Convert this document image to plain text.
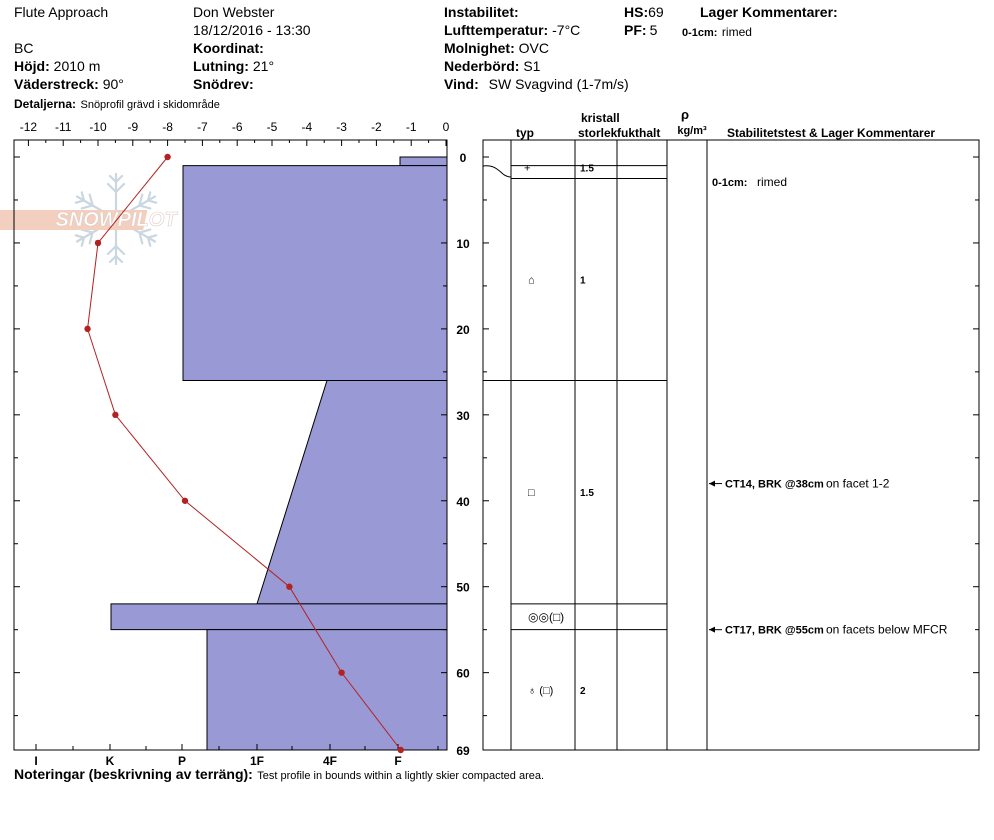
Flute Approach
BC
Höjd: 2010 m
Väderstreck: 90°
Detaljerna: Snöprofil grävd i skidområde
Don Webster
18/12/2016 - 13:30
Koordinat:
Lutning: 21°
Snödrev:
Instabilitet:
Lufttemperatur: -7°C
Molnighet: OVC
Nederbörd: S1
Vind: SW Svagvind (1-7m/s)
HS:69
PF: 5
Lager Kommentarer:
0-1cm: rimed
SNOWPILOT
-12 -11 -10 -9 -8 -7 -6 -5 -4 -3 -2 -1 0
0
10
20
30
40
50
60
69
I	K	P	1F	4F	F
+	1.5
⌂	1
□	1.5
◎◎(□)
♁ (□)	2
0-1cm: rimed
CT14, BRK @38cm on facet 1-2
CT17, BRK @55cm on facets below MFCR
kristall
typ	storlek fukthalt
ρ
kg/m³ Stabilitetstest & Lager Kommentarer
Noteringar (beskrivning av terräng): Test profile in bounds within a lightly skier compacted area.
